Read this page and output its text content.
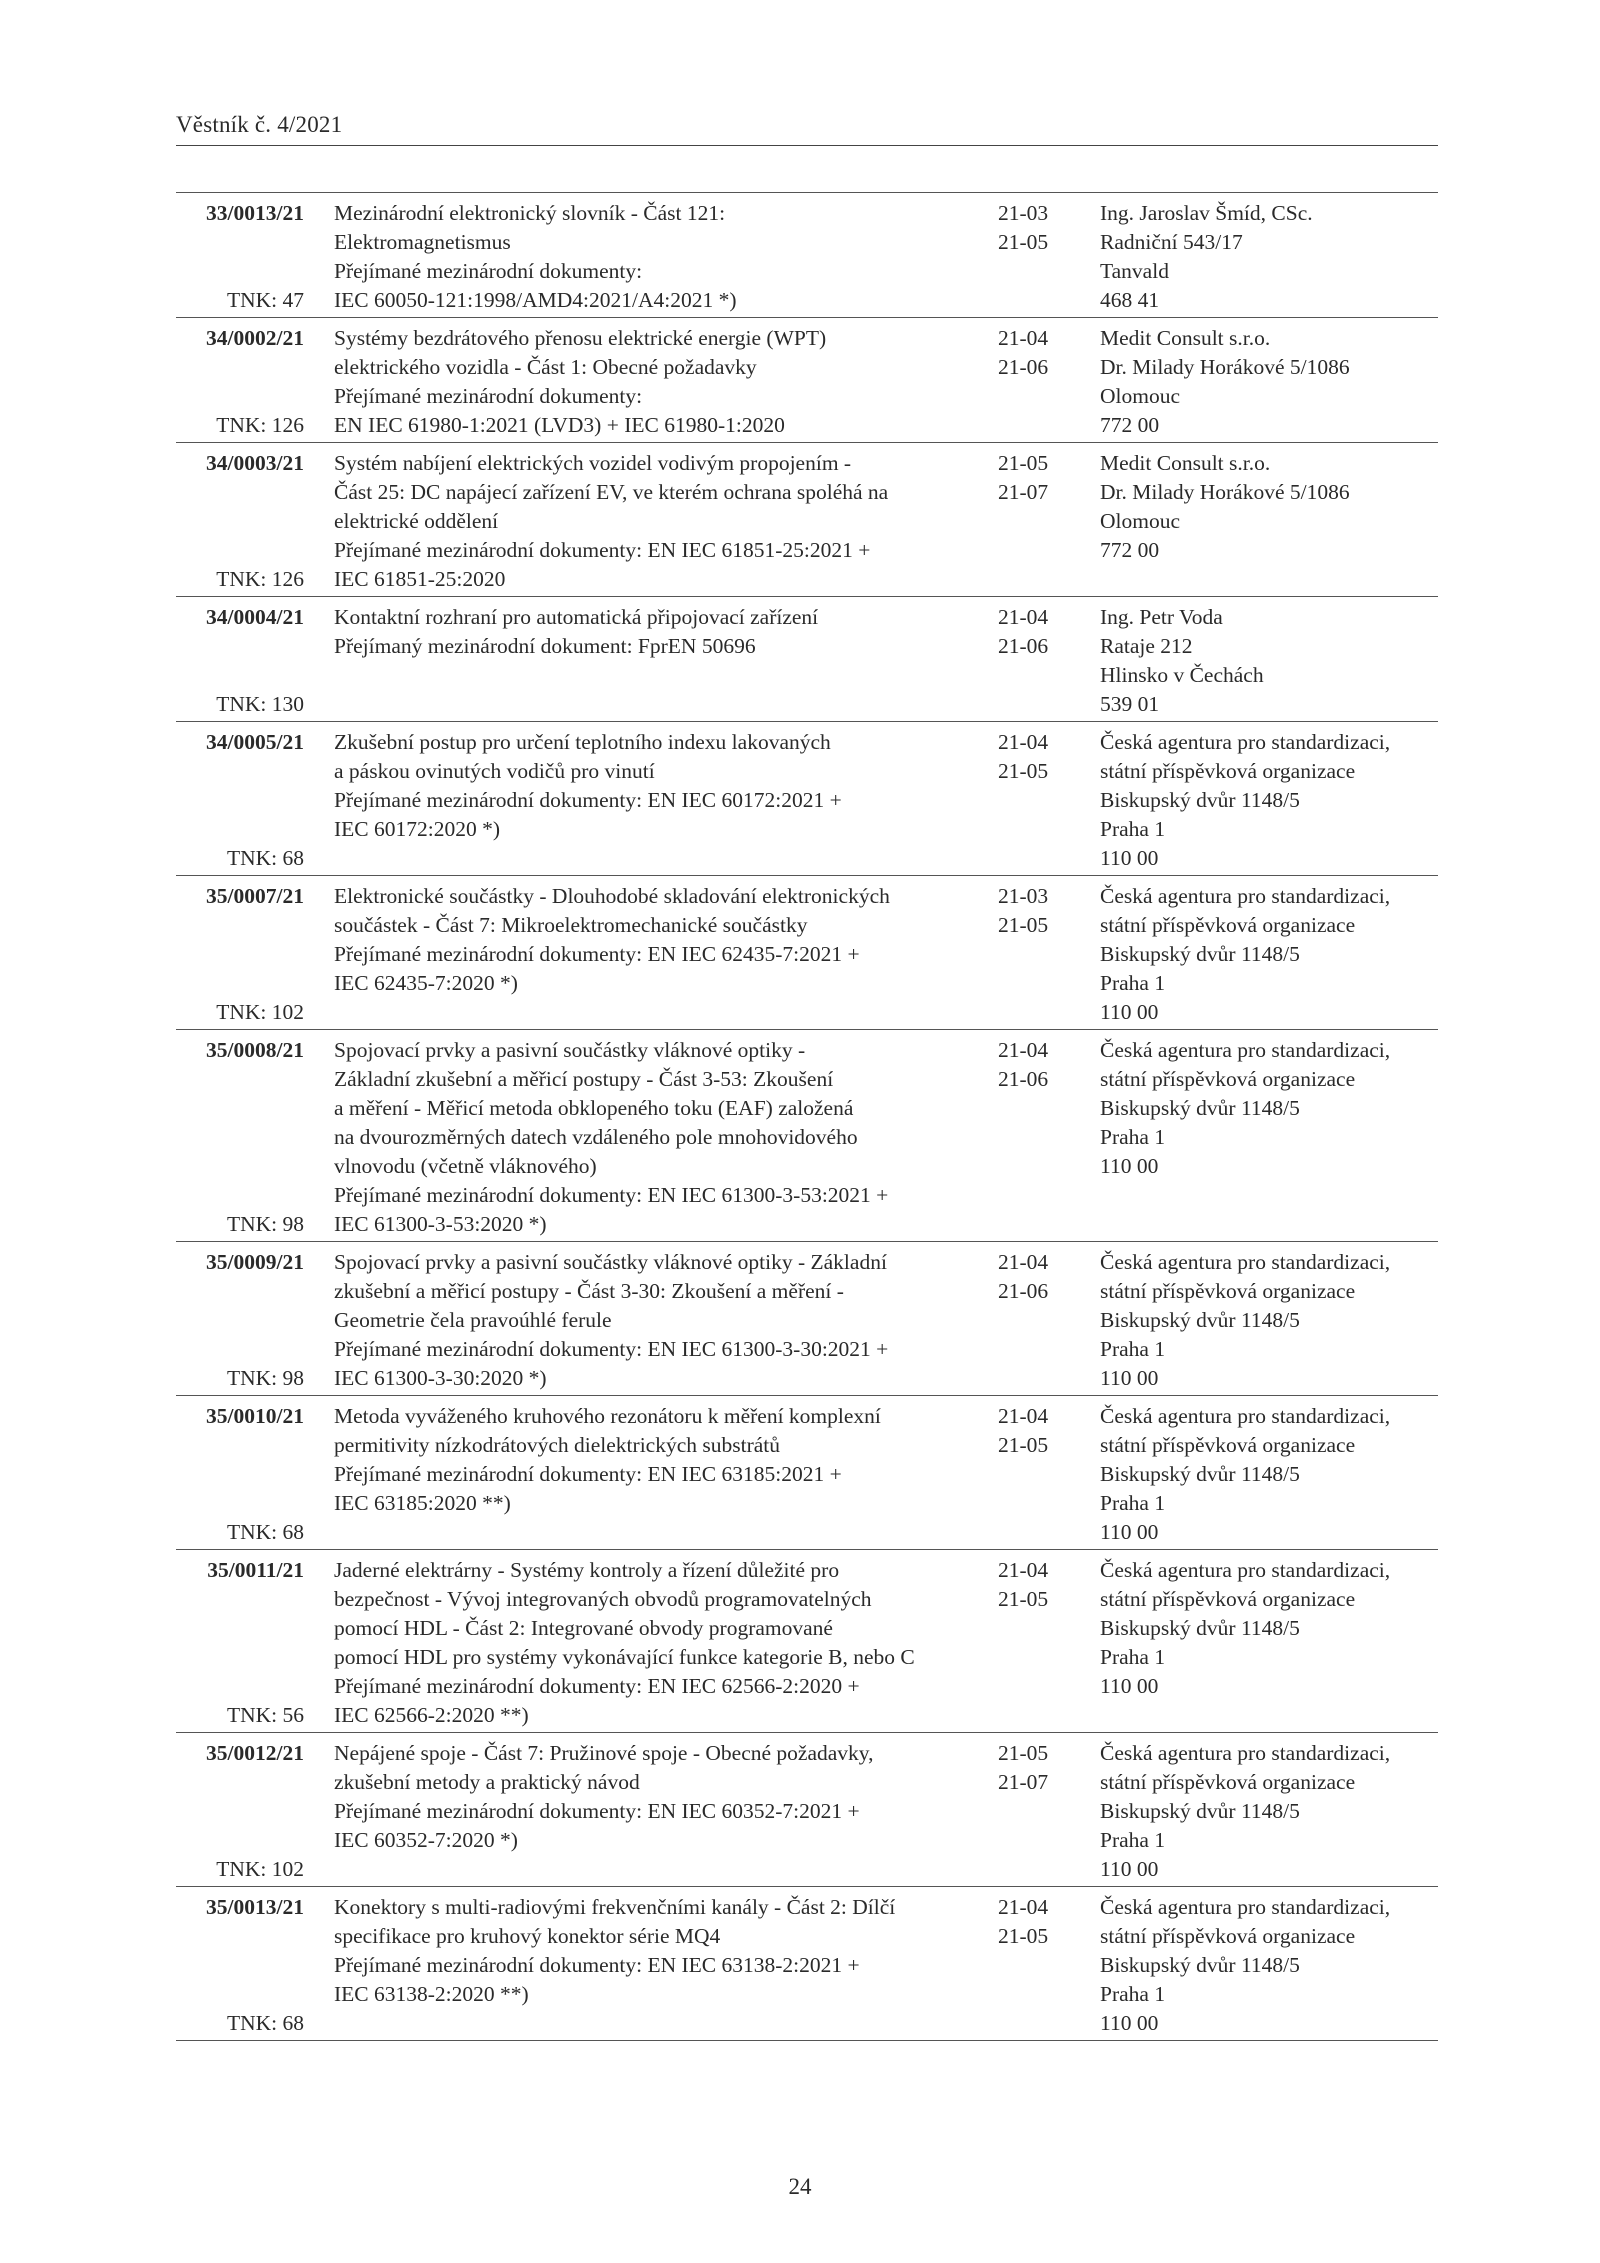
Věstník č. 4/2021
33/0013/21
TNK: 47
Mezinárodní elektronický slovník - Část 121:
Elektromagnetismus
Přejímané mezinárodní dokumenty:
IEC 60050-121:1998/AMD4:2021/A4:2021 *)
21-03
21-05
Ing. Jaroslav Šmíd, CSc.
Radniční 543/17
Tanvald
468 41
34/0002/21
TNK: 126
Systémy bezdrátového přenosu elektrické energie (WPT)
elektrického vozidla - Část 1: Obecné požadavky
Přejímané mezinárodní dokumenty:
EN IEC 61980-1:2021 (LVD3) + IEC 61980-1:2020
21-04
21-06
Medit Consult s.r.o.
Dr. Milady Horákové 5/1086
Olomouc
772 00
34/0003/21
TNK: 126
Systém nabíjení elektrických vozidel vodivým propojením -
Část 25: DC napájecí zařízení EV, ve kterém ochrana spoléhá na
elektrické oddělení
Přejímané mezinárodní dokumenty: EN IEC 61851-25:2021 +
IEC 61851-25:2020
21-05
21-07
Medit Consult s.r.o.
Dr. Milady Horákové 5/1086
Olomouc
772 00
34/0004/21
TNK: 130
Kontaktní rozhraní pro automatická připojovací zařízení
Přejímaný mezinárodní dokument: FprEN 50696
21-04
21-06
Ing. Petr Voda
Rataje 212
Hlinsko v Čechách
539 01
34/0005/21
TNK: 68
Zkušební postup pro určení teplotního indexu lakovaných
a páskou ovinutých vodičů pro vinutí
Přejímané mezinárodní dokumenty: EN IEC 60172:2021 +
IEC 60172:2020 *)
21-04
21-05
Česká agentura pro standardizaci,
státní příspěvková organizace
Biskupský dvůr 1148/5
Praha 1
110 00
35/0007/21
TNK: 102
Elektronické součástky - Dlouhodobé skladování elektronických
součástek - Část 7: Mikroelektromechanické součástky
Přejímané mezinárodní dokumenty: EN IEC 62435-7:2021 +
IEC 62435-7:2020 *)
21-03
21-05
Česká agentura pro standardizaci,
státní příspěvková organizace
Biskupský dvůr 1148/5
Praha 1
110 00
35/0008/21
TNK: 98
Spojovací prvky a pasivní součástky vláknové optiky -
Základní zkušební a měřicí postupy - Část 3-53: Zkoušení
a měření - Měřicí metoda obklopeného toku (EAF) založená
na dvourozměrných datech vzdáleného pole mnohovidového
vlnovodu (včetně vláknového)
Přejímané mezinárodní dokumenty: EN IEC 61300-3-53:2021 +
IEC 61300-3-53:2020 *)
21-04
21-06
Česká agentura pro standardizaci,
státní příspěvková organizace
Biskupský dvůr 1148/5
Praha 1
110 00
35/0009/21
TNK: 98
Spojovací prvky a pasivní součástky vláknové optiky - Základní
zkušební a měřicí postupy - Část 3-30: Zkoušení a měření -
Geometrie čela pravoúhlé ferule
Přejímané mezinárodní dokumenty: EN IEC 61300-3-30:2021 +
IEC 61300-3-30:2020 *)
21-04
21-06
Česká agentura pro standardizaci,
státní příspěvková organizace
Biskupský dvůr 1148/5
Praha 1
110 00
35/0010/21
TNK: 68
Metoda vyváženého kruhového rezonátoru k měření komplexní
permitivity nízkodrátových dielektrických substrátů
Přejímané mezinárodní dokumenty: EN IEC 63185:2021 +
IEC 63185:2020 **)
21-04
21-05
Česká agentura pro standardizaci,
státní příspěvková organizace
Biskupský dvůr 1148/5
Praha 1
110 00
35/0011/21
TNK: 56
Jaderné elektrárny - Systémy kontroly a řízení důležité pro
bezpečnost - Vývoj integrovaných obvodů programovatelných
pomocí HDL - Část 2: Integrované obvody programované
pomocí HDL pro systémy vykonávající funkce kategorie B, nebo C
Přejímané mezinárodní dokumenty: EN IEC 62566-2:2020 +
IEC 62566-2:2020 **)
21-04
21-05
Česká agentura pro standardizaci,
státní příspěvková organizace
Biskupský dvůr 1148/5
Praha 1
110 00
35/0012/21
TNK: 102
Nepájené spoje - Část 7: Pružinové spoje - Obecné požadavky,
zkušební metody a praktický návod
Přejímané mezinárodní dokumenty: EN IEC 60352-7:2021 +
IEC 60352-7:2020 *)
21-05
21-07
Česká agentura pro standardizaci,
státní příspěvková organizace
Biskupský dvůr 1148/5
Praha 1
110 00
35/0013/21
TNK: 68
Konektory s multi-radiovými frekvenčními kanály - Část 2: Dílčí
specifikace pro kruhový konektor série MQ4
Přejímané mezinárodní dokumenty: EN IEC 63138-2:2021 +
IEC 63138-2:2020 **)
21-04
21-05
Česká agentura pro standardizaci,
státní příspěvková organizace
Biskupský dvůr 1148/5
Praha 1
110 00
24
